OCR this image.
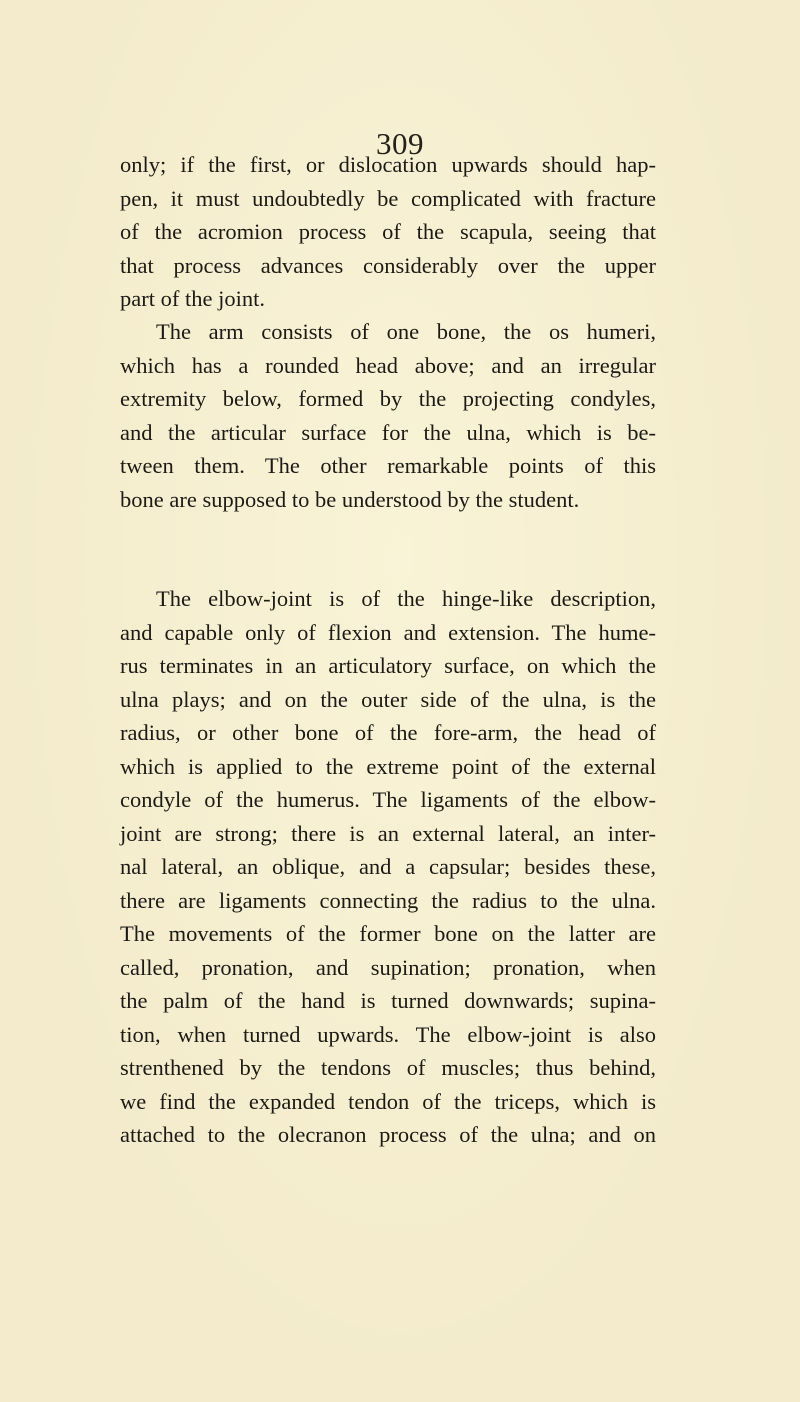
309
only; if the first, or dislocation upwards should hap-
pen, it must undoubtedly be complicated with fracture
of the acromion process of the scapula, seeing that
that process advances considerably over the upper
part of the joint.
The arm consists of one bone, the os humeri,
which has a rounded head above; and an irregular
extremity below, formed by the projecting condyles,
and the articular surface for the ulna, which is be-
tween them. The other remarkable points of this
bone are supposed to be understood by the student.
The elbow-joint is of the hinge-like description,
and capable only of flexion and extension. The hume-
rus terminates in an articulatory surface, on which the
ulna plays; and on the outer side of the ulna, is the
radius, or other bone of the fore-arm, the head of
which is applied to the extreme point of the external
condyle of the humerus. The ligaments of the elbow-
joint are strong; there is an external lateral, an inter-
nal lateral, an oblique, and a capsular; besides these,
there are ligaments connecting the radius to the ulna.
The movements of the former bone on the latter are
called, pronation, and supination; pronation, when
the palm of the hand is turned downwards; supina-
tion, when turned upwards. The elbow-joint is also
strenthened by the tendons of muscles; thus behind,
we find the expanded tendon of the triceps, which is
attached to the olecranon process of the ulna; and on
